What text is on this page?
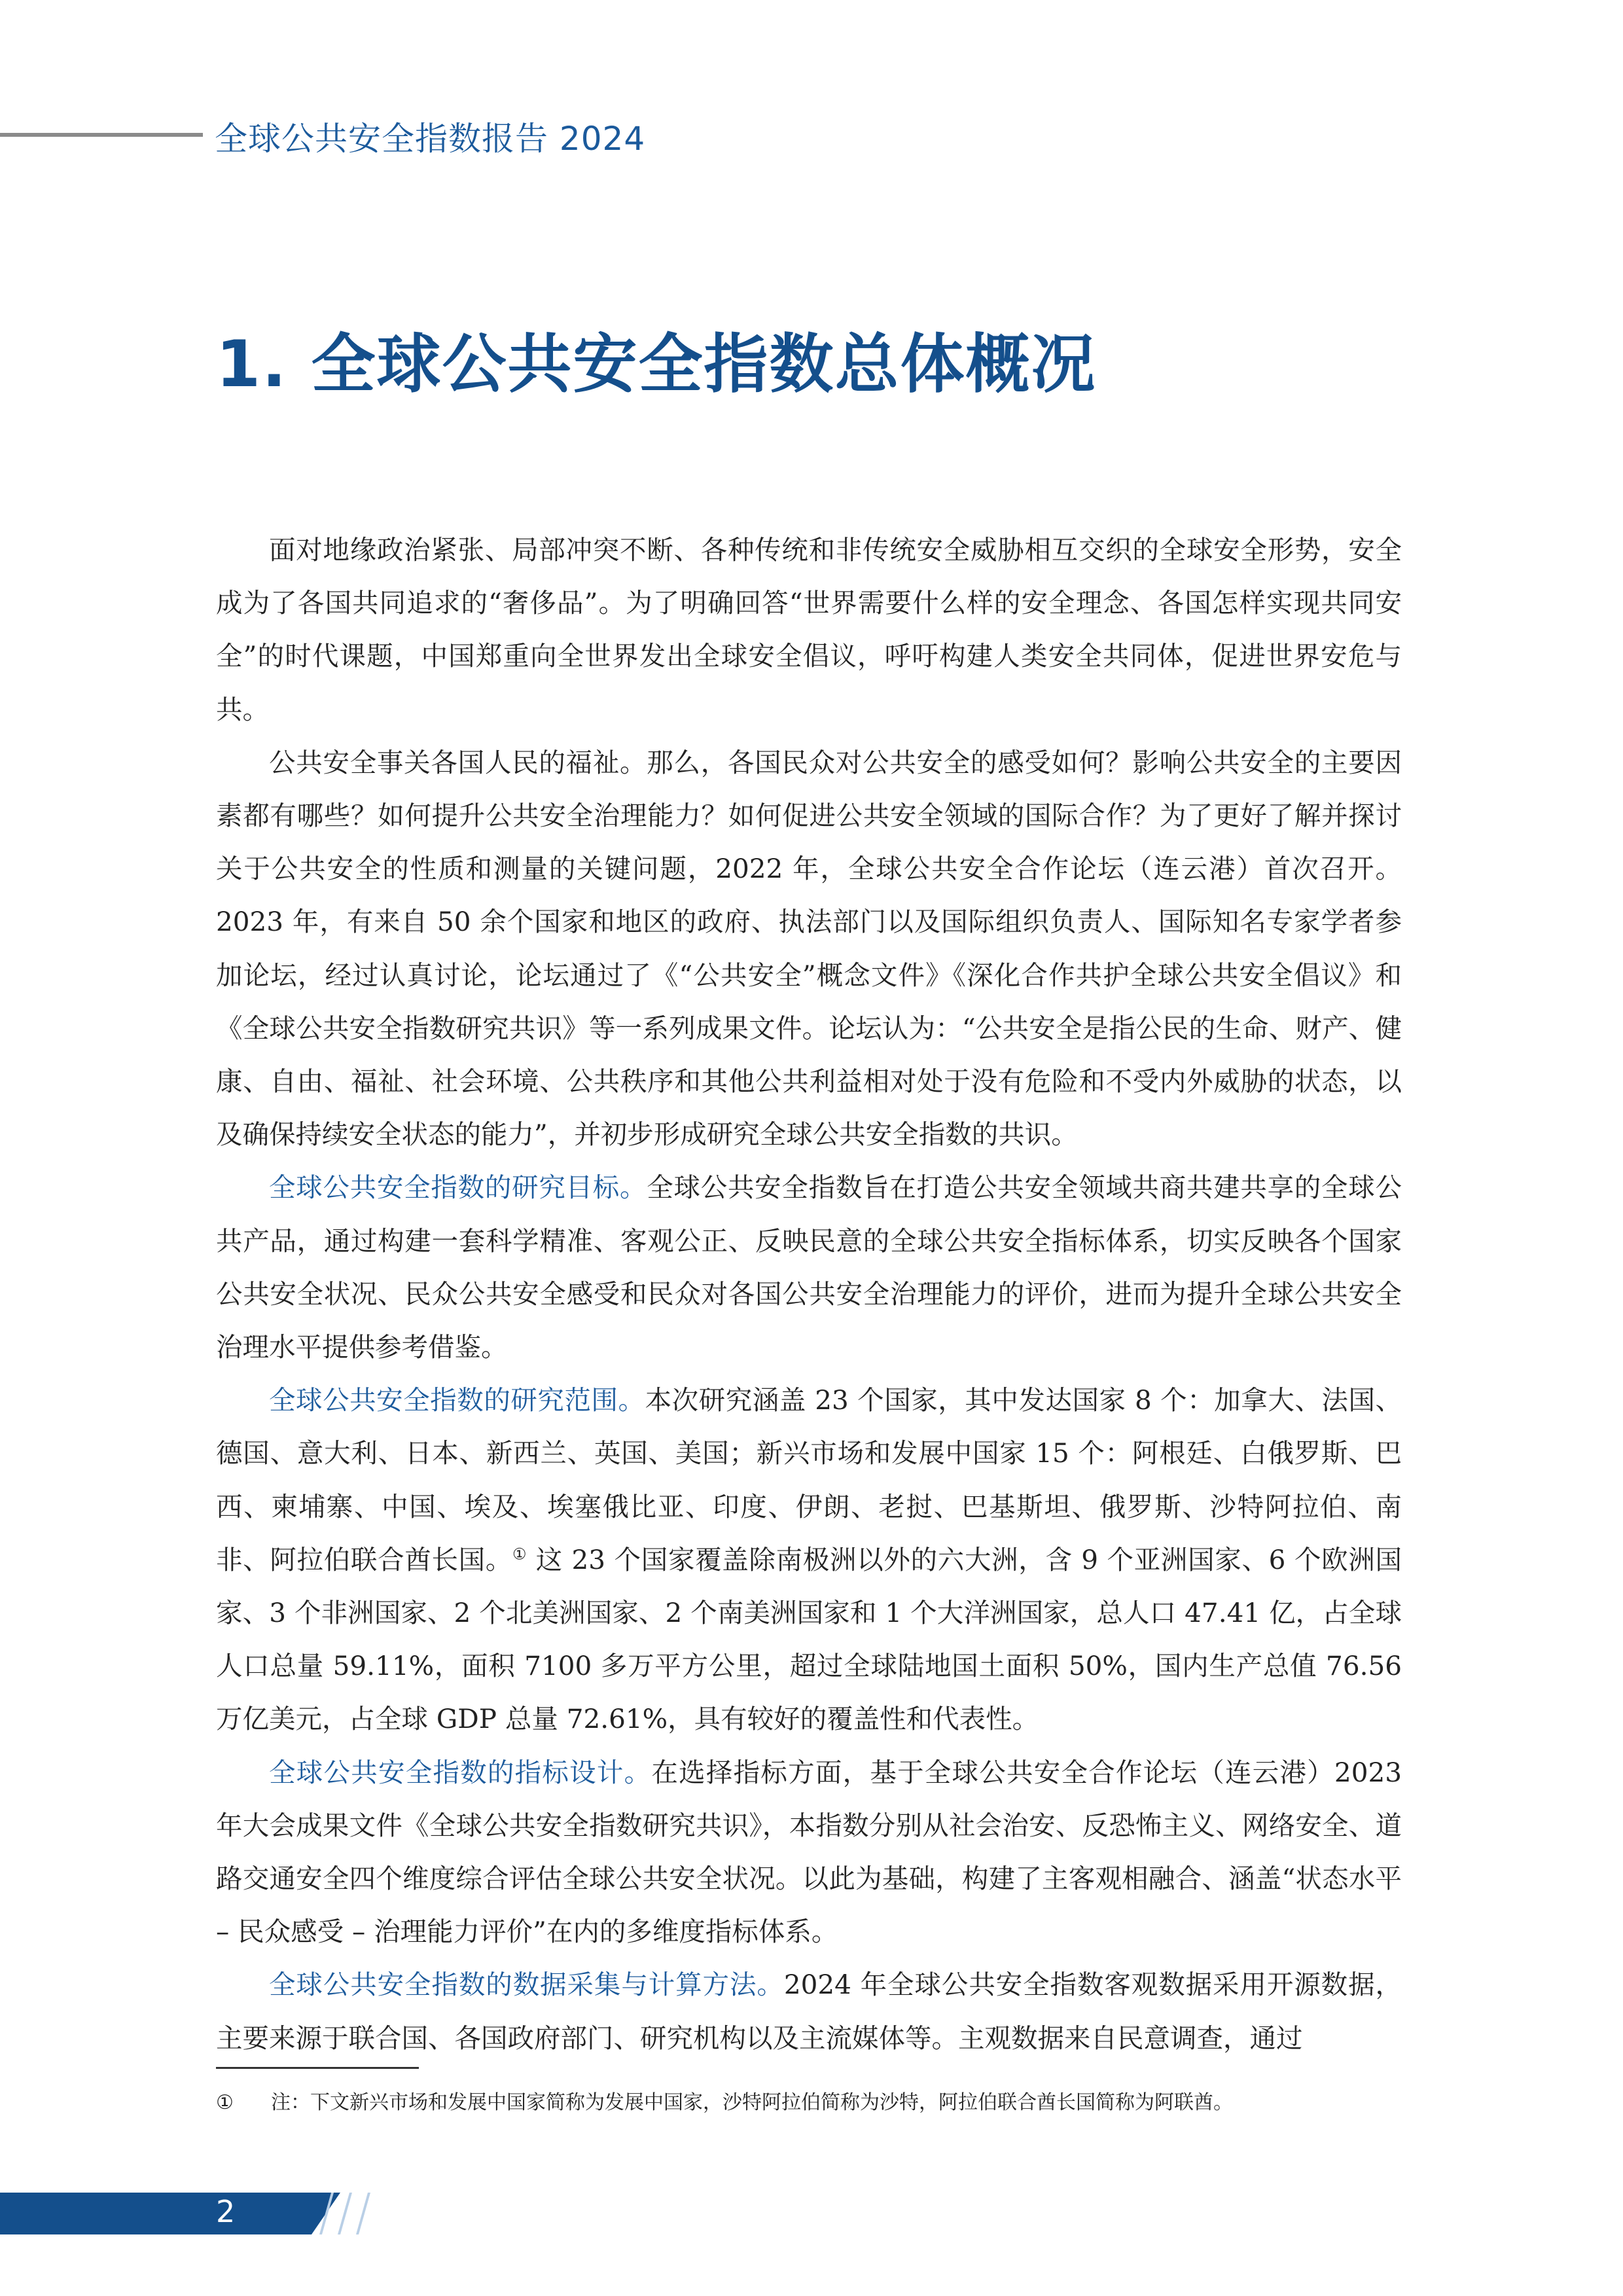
全球公共安全指数报告 2024
1. 全球公共安全指数总体概况

面对地缘政治紧张、局部冲突不断、各种传统和非传统安全威胁相互交织的全球安全形势，安全成为了各国共同追求的“奢侈品”。为了明确回答“世界需要什么样的安全理念、各国怎样实现共同安全”的时代课题，中国郑重向全世界发出全球安全倡议，呼吁构建人类安全共同体，促进世界安危与共。

公共安全事关各国人民的福祉。那么，各国民众对公共安全的感受如何？影响公共安全的主要因素都有哪些？如何提升公共安全治理能力？如何促进公共安全领域的国际合作？为了更好了解并探讨关于公共安全的性质和测量的关键问题，2022 年，全球公共安全合作论坛（连云港）首次召开。2023 年，有来自 50 余个国家和地区的政府、执法部门以及国际组织负责人、国际知名专家学者参加论坛，经过认真讨论，论坛通过了《“公共安全”概念文件》《深化合作共护全球公共安全倡议》和《全球公共安全指数研究共识》等一系列成果文件。论坛认为：“公共安全是指公民的生命、财产、健康、自由、福祉、社会环境、公共秩序和其他公共利益相对处于没有危险和不受内外威胁的状态，以及确保持续安全状态的能力”，并初步形成研究全球公共安全指数的共识。

全球公共安全指数的研究目标。全球公共安全指数旨在打造公共安全领域共商共建共享的全球公共产品，通过构建一套科学精准、客观公正、反映民意的全球公共安全指标体系，切实反映各个国家公共安全状况、民众公共安全感受和民众对各国公共安全治理能力的评价，进而为提升全球公共安全治理水平提供参考借鉴。

全球公共安全指数的研究范围。本次研究涵盖 23 个国家，其中发达国家 8 个：加拿大、法国、德国、意大利、日本、新西兰、英国、美国；新兴市场和发展中国家 15 个：阿根廷、白俄罗斯、巴西、柬埔寨、中国、埃及、埃塞俄比亚、印度、伊朗、老挝、巴基斯坦、俄罗斯、沙特阿拉伯、南非、阿拉伯联合酋长国。① 这 23 个国家覆盖除南极洲以外的六大洲，含 9 个亚洲国家、6 个欧洲国家、3 个非洲国家、2 个北美洲国家、2 个南美洲国家和 1 个大洋洲国家，总人口 47.41 亿，占全球人口总量 59.11%，面积 7100 多万平方公里，超过全球陆地国土面积 50%，国内生产总值 76.56 万亿美元，占全球 GDP 总量 72.61%，具有较好的覆盖性和代表性。

全球公共安全指数的指标设计。在选择指标方面，基于全球公共安全合作论坛（连云港）2023 年大会成果文件《全球公共安全指数研究共识》，本指数分别从社会治安、反恐怖主义、网络安全、道路交通安全四个维度综合评估全球公共安全状况。以此为基础，构建了主客观相融合、涵盖“状态水平 – 民众感受 – 治理能力评价”在内的多维度指标体系。

全球公共安全指数的数据采集与计算方法。2024 年全球公共安全指数客观数据采用开源数据，主要来源于联合国、各国政府部门、研究机构以及主流媒体等。主观数据来自民意调查，通过

① 注：下文新兴市场和发展中国家简称为发展中国家，沙特阿拉伯简称为沙特，阿拉伯联合酋长国简称为阿联酋。
2
